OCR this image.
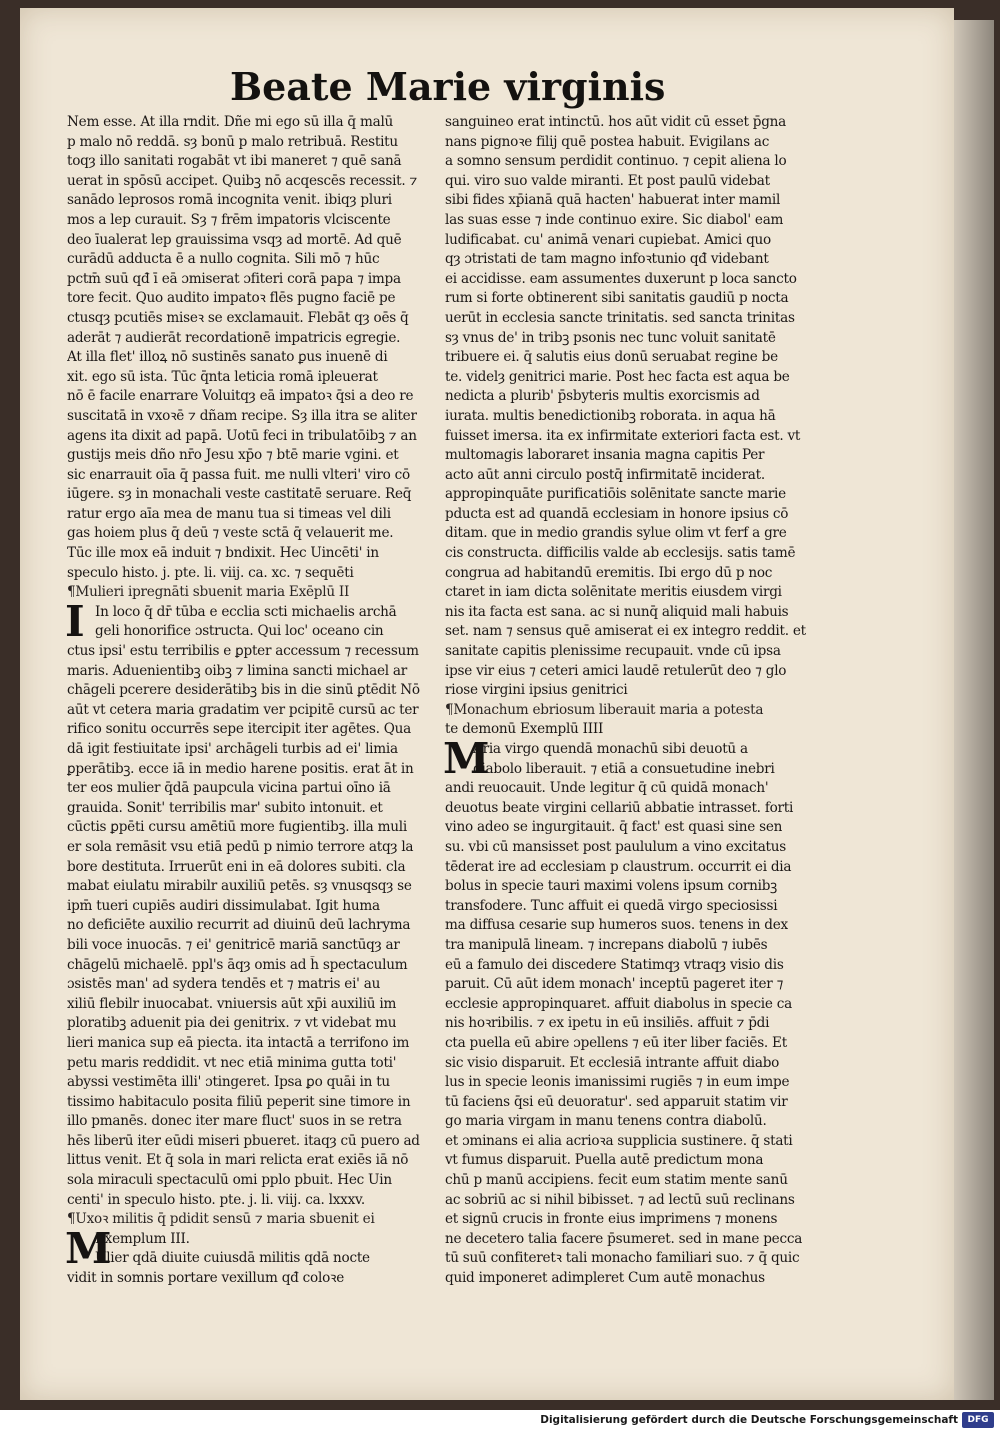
Beate Marie virginis
Nem esse. At illa rndit. Dñe mi ego sū illa q̄ malū
p malo nō reddā. sȝ bonū p malo retribuā. Restitu
toqȝ illo sanitati rogabāt vt ibi maneret ⁊ quē sanā
uerat in spōsū accipet. Quibꝫ nō acqescēs recessit. ⁊
sanādo leprosos romā incognita venit. ibiqȝ pluri
mos a lep curauit. Sȝ ⁊ frēm impatoris vlciscente
deo īualerat lep grauissima vsqȝ ad mortē. Ad quē
curādū adducta ē a nullo cognita. Sili mō ⁊ hūc
pctm̄ suū qđ ī eā ɔmiserat ɔfiteri corā papa ⁊ impa
tore fecit. Quo audito impatoꝛ flēs pugno faciē pe
ctusqȝ pcutiēs miseꝛ se exclamauit. Flebāt qȝ oēs q̄
aderāt ⁊ audierāt recordationē impatricis egregie.
At illa flet' illoꝝ nō sustinēs sanato ꝑus inuenē di
xit. ego sū ista. Tūc q̄nta leticia romā ipleuerat
nō ē facile enarrare Voluitqȝ eā impatoꝛ q̄si a deo re
suscitatā in vxoꝛē ⁊ dñam recipe. Sȝ illa itra se aliter
agens ita dixit ad papā. Uotū feci in tribulatōibꝫ ⁊ an
gustijs meis dño nr̄o Jesu xp̄o ⁊ btē marie vgini. et
sic enarrauit oīa q̄ passa fuit. me nulli vlteri' viro cō
iūgere. sȝ in monachali veste castitatē seruare. Req̄
ratur ergo aīa mea de manu tua si timeas vel dili
gas hoiem plus q̄ deū ⁊ veste sctā q̄ velauerit me.
Tūc ille mox eā induit ⁊ bndixit. Hec Uincēti' in
speculo histo. j. pte. li. viij. ca. xc. ⁊ sequēti
¶Mulieri ipregnāti sbuenit maria Exēplū II
In loco q̄ dr̄ tūba e ecclia scti michaelis archā
geli honorifice ɔstructa. Qui loc' oceano cin
ctus ipsi' estu terribilis e ꝑpter accessum ⁊ recessum
maris. Aduenientibꝫ oibꝫ ⁊ limina sancti michael ar
chāgeli pcerere desiderātibꝫ bis in die sinū ꝑtēdit Nō
aūt vt cetera maria gradatim ver pcipitē cursū ac ter
rifico sonitu occurrēs sepe itercipit iter agētes. Qua
dā igit festiuitate ipsi' archāgeli turbis ad ei' limia
ꝑperātibꝫ. ecce iā in medio harene positis. erat āt in
ter eos mulier q̄dā paupcula vicina partui oīno iā
grauida. Sonit' terribilis mar' subito intonuit. et
cūctis ꝑpēti cursu amētiū more fugientibꝫ. illa muli
er sola remāsit vsu etiā pedū p nimio terrore atqȝ la
bore destituta. Irruerūt eni in eā dolores subiti. cla
mabat eiulatu mirabilr auxiliū petēs. sȝ vnusqsqȝ se
ipm̄ tueri cupiēs audiri dissimulabat. Igit huma
no deficiēte auxilio recurrit ad diuinū deū lachryma
bili voce inuocās. ⁊ ei' genitricē mariā sanctūqȝ ar
chāgelū michaelē. ppl's āqȝ omis ad h̄ spectaculum
ɔsistēs man' ad sydera tendēs et ⁊ matris ei' au
xiliū flebilr inuocabat. vniuersis aūt xp̄i auxiliū im
ploratibꝫ aduenit pia dei genitrix. ⁊ vt videbat mu
lieri manica sup eā piecta. ita intactā a terrifono im
petu maris reddidit. vt nec etiā minima gutta toti'
abyssi vestimēta illi' ɔtingeret. Ipsa ꝑo quāi in tu
tissimo habitaculo posita filiū peperit sine timore in
illo pmanēs. donec iter mare fluct' suos in se retra
hēs liberū iter eūdi miseri pbueret. itaqȝ cū puero ad
littus venit. Et q̄ sola in mari relicta erat exiēs iā nō
sola miraculi spectaculū omi pplo pbuit. Hec Uin
centi' in speculo histo. pte. j. li. viij. ca. lxxxv.
¶Uxoꝛ militis q̄ pdidit sensū ⁊ maria sbuenit ei
Exemplum III.
Ulier qdā diuite cuiusdā militis qdā nocte
vidit in somnis portare vexillum qđ coloꝛe
I
M
sanguineo erat intinctū. hos aūt vidit cū esset p̄gna
nans pignoꝛe filij quē postea habuit. Evigilans ac
a somno sensum perdidit continuo. ⁊ cepit aliena lo
qui. viro suo valde miranti. Et post paulū videbat
sibi fides xp̄ianā quā hacten' habuerat inter mamil
las suas esse ⁊ inde continuo exire. Sic diabol' eam
ludificabat. cu' animā venari cupiebat. Amici quo
qȝ ɔtristati de tam magno infoꝛtunio qđ videbant
ei accidisse. eam assumentes duxerunt p loca sancto
rum si forte obtinerent sibi sanitatis gaudiū p nocta
uerūt in ecclesia sancte trinitatis. sed sancta trinitas
sȝ vnus de' in tribꝫ psonis nec tunc voluit sanitatē
tribuere ei. q̄ salutis eius donū seruabat regine be
te. videlȝ genitrici marie. Post hec facta est aqua be
nedicta a plurib' p̄sbyteris multis exorcismis ad
iurata. multis benedictionibꝫ roborata. in aqua hā
fuisset imersa. ita ex infirmitate exteriori facta est. vt
multomagis laboraret insania magna capitis Per
acto aūt anni circulo postq̄ infirmitatē inciderat.
appropinquāte purificatiōis solēnitate sancte marie
pducta est ad quandā ecclesiam in honore ipsius cō
ditam. que in medio grandis sylue olim vt ferf a gre
cis constructa. difficilis valde ab ecclesijs. satis tamē
congrua ad habitandū eremitis. Ibi ergo dū p noc
ctaret in iam dicta solēnitate meritis eiusdem virgi
nis ita facta est sana. ac si nunq̄ aliquid mali habuis
set. nam ⁊ sensus quē amiserat ei ex integro reddit. et
sanitate capitis plenissime recupauit. vnde cū ipsa
ipse vir eius ⁊ ceteri amici laudē retulerūt deo ⁊ glo
riose virgini ipsius genitrici
¶Monachum ebriosum liberauit maria a potesta
te demonū Exemplū IIII
Aria virgo quendā monachū sibi deuotū a
diabolo liberauit. ⁊ etiā a consuetudine inebri
andi reuocauit. Unde legitur q̄ cū quidā monach'
deuotus beate virgini cellariū abbatie intrasset. forti
vino adeo se ingurgitauit. q̄ fact' est quasi sine sen
su. vbi cū mansisset post paululum a vino excitatus
tēderat ire ad ecclesiam p claustrum. occurrit ei dia
bolus in specie tauri maximi volens ipsum cornibꝫ
transfodere. Tunc affuit ei quedā virgo speciosissi
ma diffusa cesarie sup humeros suos. tenens in dex
tra manipulā lineam. ⁊ increpans diabolū ⁊ iubēs
eū a famulo dei discedere Statimqȝ vtraqȝ visio dis
paruit. Cū aūt idem monach' inceptū pageret iter ⁊
ecclesie appropinquaret. affuit diabolus in specie ca
nis hoꝛribilis. ⁊ ex ipetu in eū insiliēs. affuit ⁊ p̄di
cta puella eū abire ɔpellens ⁊ eū iter liber faciēs. Et
sic visio disparuit. Et ecclesiā intrante affuit diabo
lus in specie leonis imanissimi rugiēs ⁊ in eum impe
tū faciens q̄si eū deuoratur'. sed apparuit statim vir
go maria virgam in manu tenens contra diabolū.
et ɔminans ei alia acrioꝛa supplicia sustinere. q̄ stati
vt fumus disparuit. Puella autē predictum mona
chū p manū accipiens. fecit eum statim mente sanū
ac sobriū ac si nihil bibisset. ⁊ ad lectū suū reclinans
et signū crucis in fronte eius imprimens ⁊ monens
ne decetero talia facere p̄sumeret. sed in mane pecca
tū suū confiteretꝛ tali monacho familiari suo. ⁊ q̄ quic
quid imponeret adimpleret Cum autē monachus
M
Digitalisierung gefördert durch die Deutsche Forschungsgemeinschaft	DFG
